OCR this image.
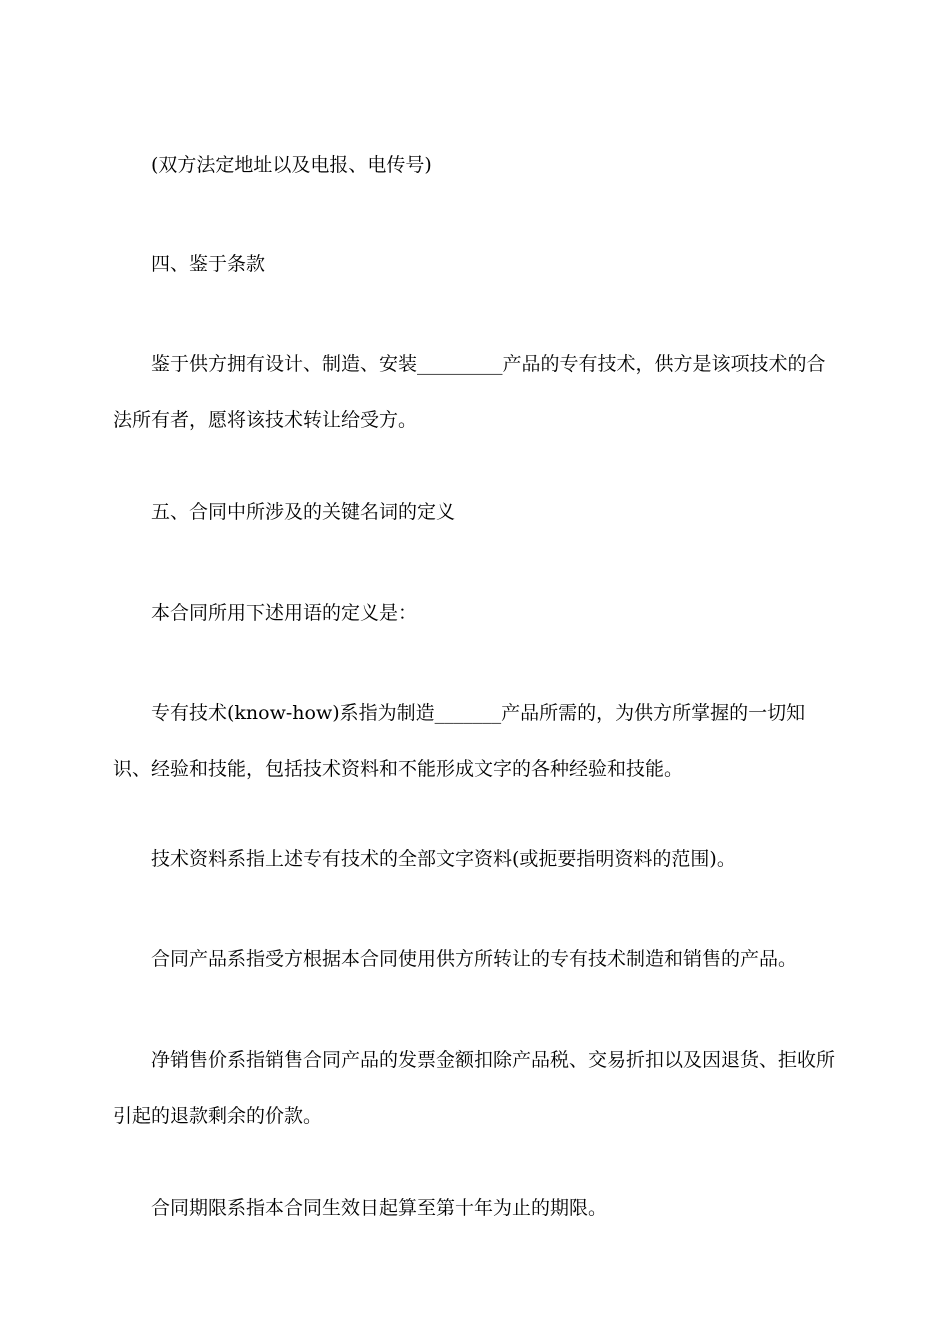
(双方法定地址以及电报、电传号)

四、鉴于条款

鉴于供方拥有设计、制造、安装_________产品的专有技术，供方是该项技术的合法所有者，愿将该技术转让给受方。

五、合同中所涉及的关键名词的定义

本合同所用下述用语的定义是：

专有技术(know-how)系指为制造_______产品所需的，为供方所掌握的一切知识、经验和技能，包括技术资料和不能形成文字的各种经验和技能。

技术资料系指上述专有技术的全部文字资料(或扼要指明资料的范围)。

合同产品系指受方根据本合同使用供方所转让的专有技术制造和销售的产品。

净销售价系指销售合同产品的发票金额扣除产品税、交易折扣以及因退货、拒收所引起的退款剩余的价款。

合同期限系指本合同生效日起算至第十年为止的期限。
